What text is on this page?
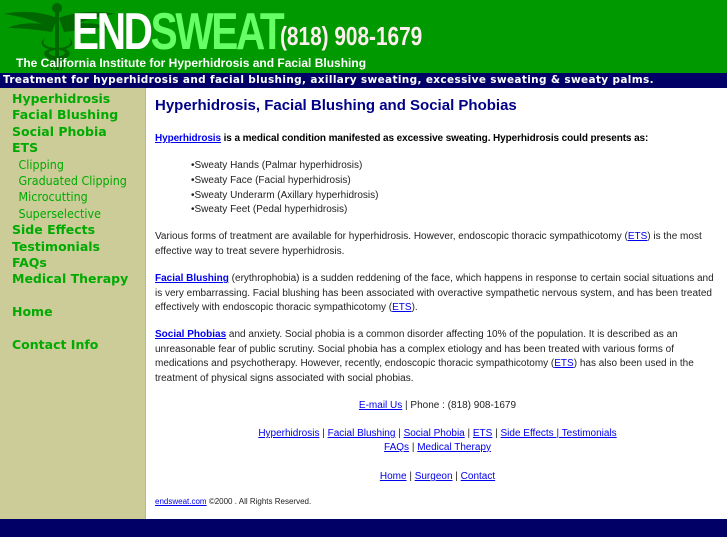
ENDSWEAT
(818) 908-1679
The California Institute for Hyperhidrosis and Facial Blushing
Treatment for hyperhidrosis and facial blushing, axillary sweating, excessive sweating & sweaty palms.
Hyperhidrosis
Facial Blushing
Social Phobia
ETS
Clipping
Graduated Clipping
Microcutting
Superselective
Side Effects
Testimonials
FAQs
Medical Therapy
Home
Contact Info
Hyperhidrosis, Facial Blushing and Social Phobias
Hyperhidrosis is a medical condition manifested as excessive sweating. Hyperhidrosis could presents as:
•Sweaty Hands (Palmar hyperhidrosis)
•Sweaty Face (Facial hyperhidrosis)
•Sweaty Underarm (Axillary hyperhidrosis)
•Sweaty Feet (Pedal hyperhidrosis)
Various forms of treatment are available for hyperhidrosis. However, endoscopic thoracic sympathicotomy (ETS) is the most effective way to treat severe hyperhidrosis.
Facial Blushing (erythrophobia) is a sudden reddening of the face, which happens in response to certain social situations and is very embarrassing. Facial blushing has been associated with overactive sympathetic nervous system, and has been treated effectively with endoscopic thoracic sympathicotomy (ETS).
Social Phobias and anxiety. Social phobia is a common disorder affecting 10% of the population. It is described as an unreasonable fear of public scrutiny. Social phobia has a complex etiology and has been treated with various forms of medications and psychotherapy. However, recently, endoscopic thoracic sympathicotomy (ETS) has also been used in the treatment of physical signs associated with social phobias.
E-mail Us | Phone : (818) 908-1679
Hyperhidrosis | Facial Blushing | Social Phobia | ETS | Side Effects | Testimonials
FAQs | Medical Therapy
Home | Surgeon | Contact
endsweat.com ©2000 . All Rights Reserved.
